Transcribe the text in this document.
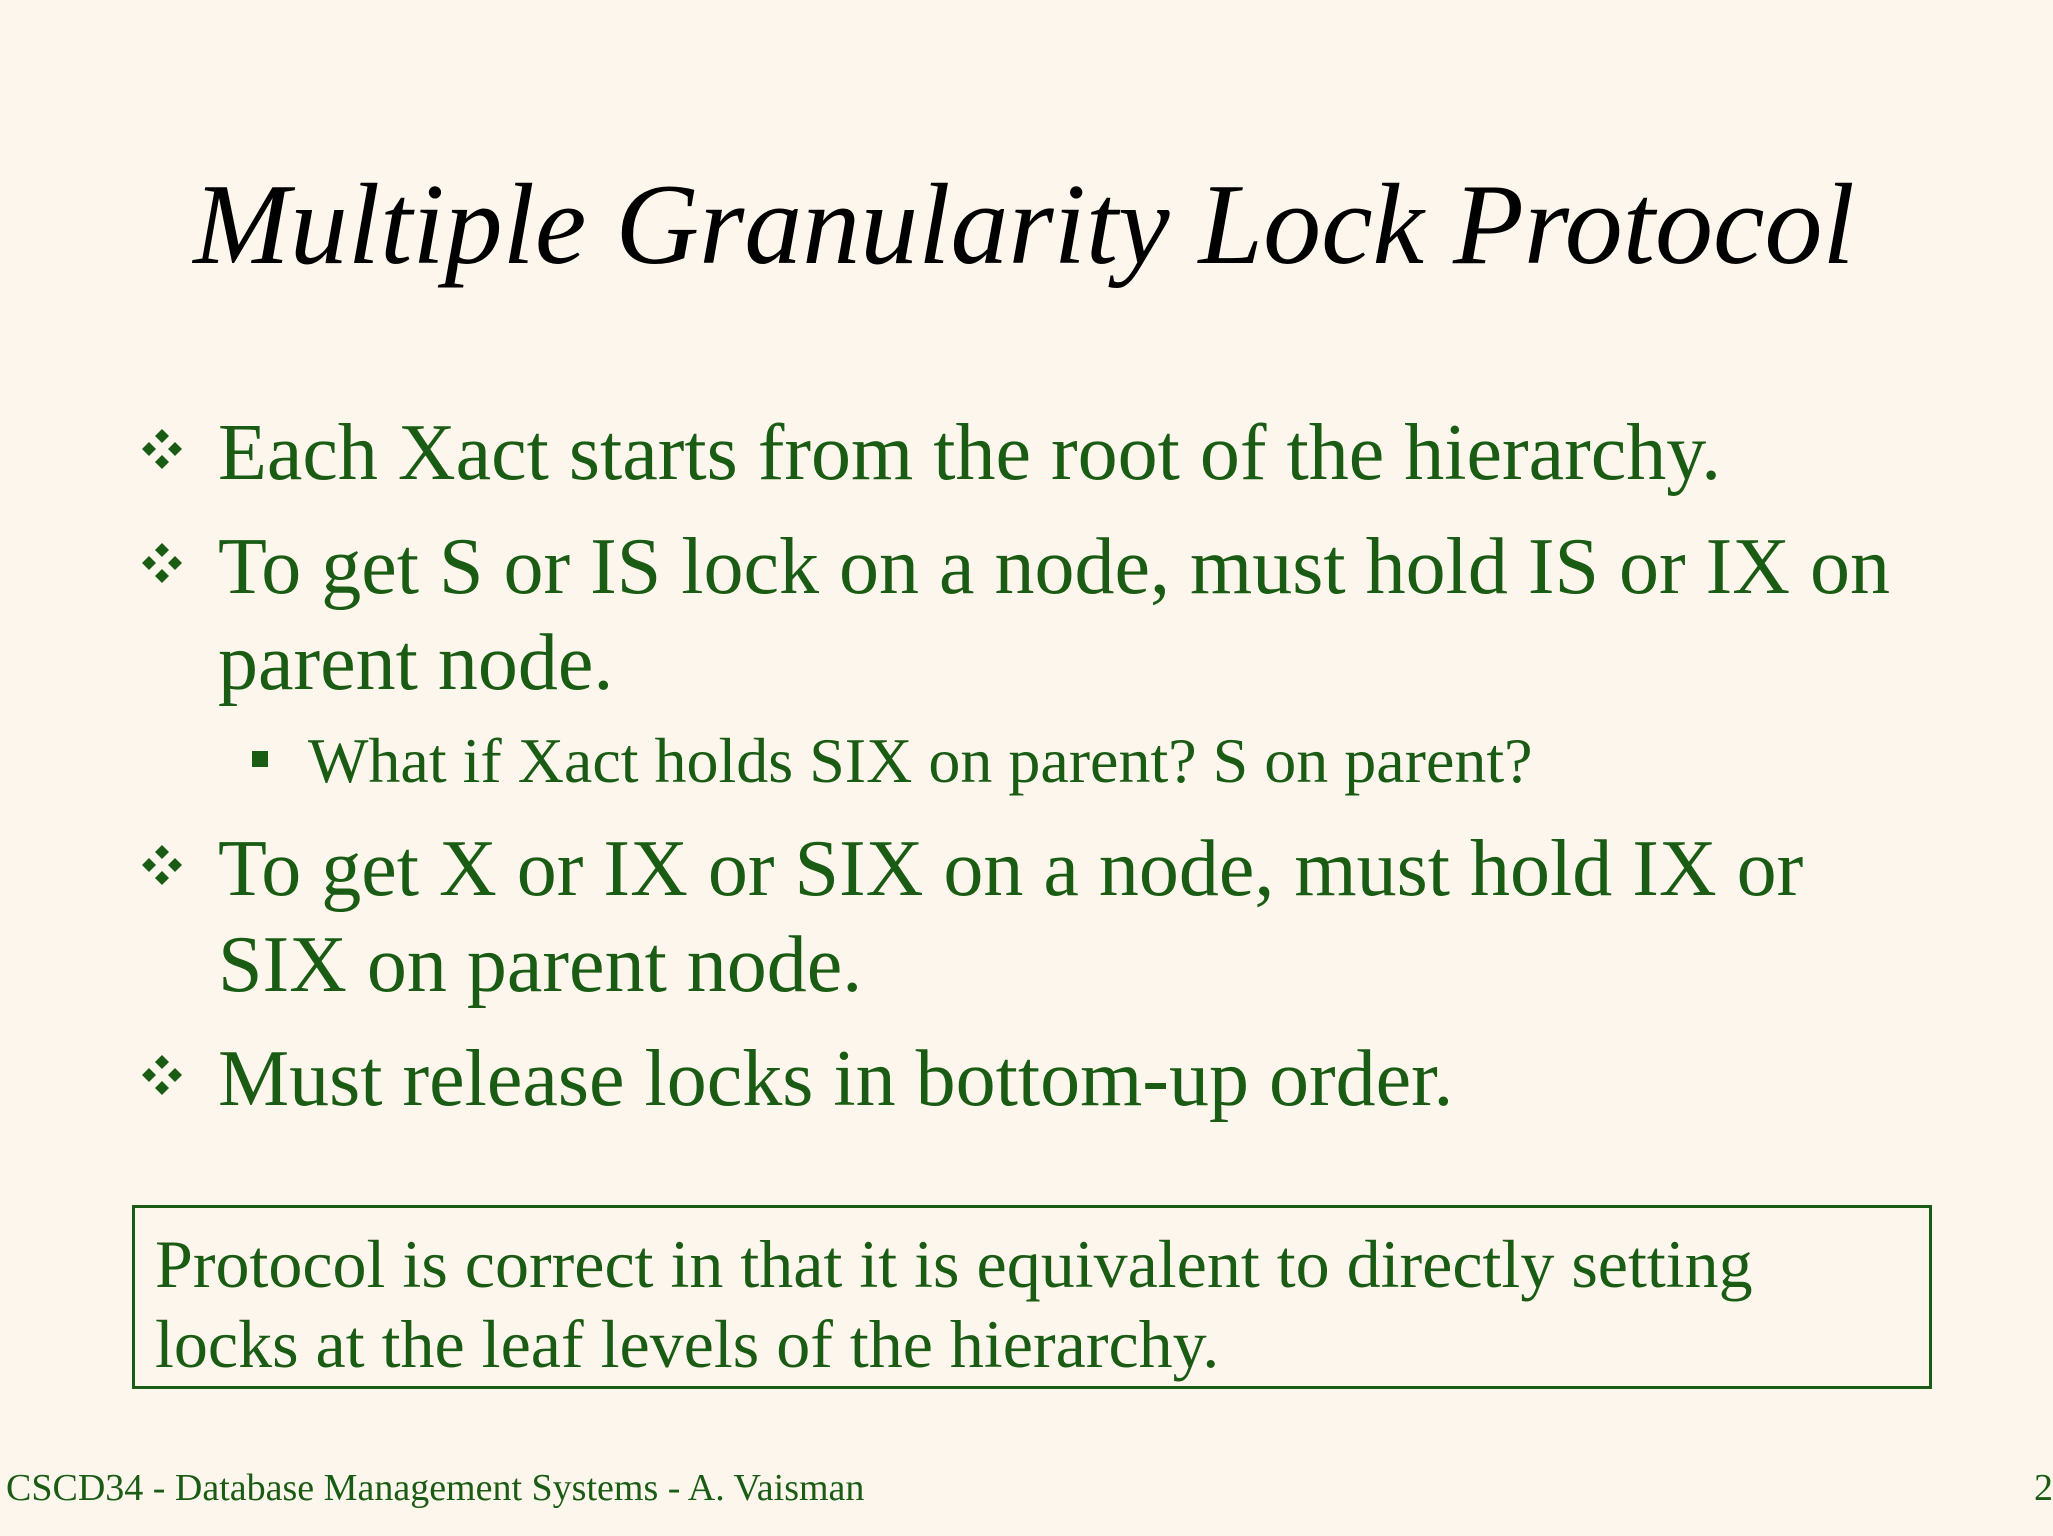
Multiple Granularity Lock Protocol
Each Xact starts from the root of the hierarchy.
To get S or IS lock on a node, must hold IS or IX on parent node.
What if Xact holds SIX on parent? S on parent?
To get X or IX or SIX on a node, must hold IX or SIX on parent node.
Must release locks in bottom-up order.
Protocol is correct in that it is equivalent to directly setting locks at the leaf levels of the hierarchy.
CSCD34 - Database Management Systems - A. Vaisman	2
